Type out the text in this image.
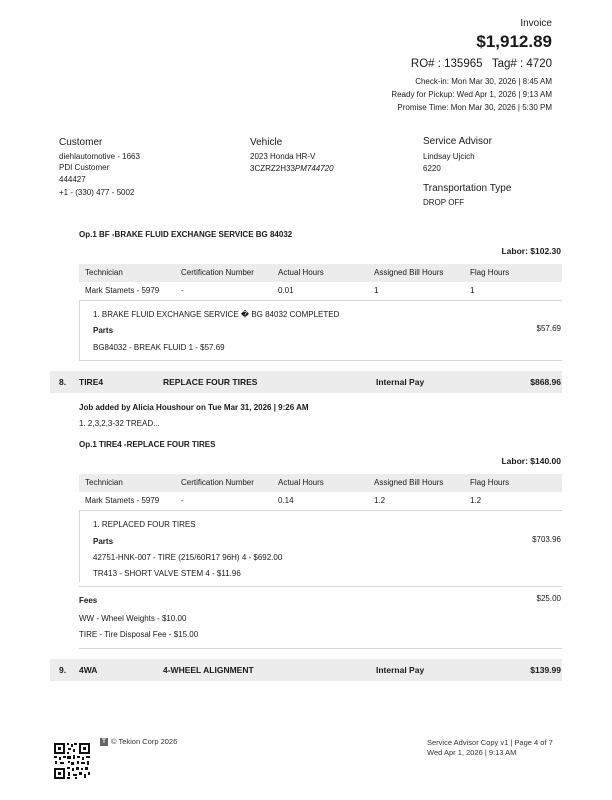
Invoice
$1,912.89
RO# : 135965   Tag# : 4720
Check-in: Mon Mar 30, 2026 | 8:45 AM
Ready for Pickup: Wed Apr 1, 2026 | 9:13 AM
Promise Time: Mon Mar 30, 2026 | 5:30 PM
Customer
diehlautomotive - 1663
PDI Customer
444427
+1 - (330) 477 - 5002
Vehicle
2023 Honda HR-V
3CZRZ2H33PM744720
Service Advisor
Lindsay Ujcich
6220
Transportation Type
DROP OFF
Op.1 BF -BRAKE FLUID EXCHANGE SERVICE BG 84032
Labor: $102.30
Technician	Certification Number	Actual Hours	Assigned Bill Hours	Flag Hours
Mark Stamets - 5979	-	0.01	1	1
1. BRAKE FLUID EXCHANGE SERVICE � BG 84032 COMPLETED
Parts	$57.69
BG84032 - BREAK FLUID 1 - $57.69
8. TIRE4	REPLACE FOUR TIRES	Internal Pay	$868.96
Job added by Alicia Houshour on Tue Mar 31, 2026 | 9:26 AM
1. 2,3,2,3-32 TREAD...
Op.1 TIRE4 -REPLACE FOUR TIRES
Labor: $140.00
Technician	Certification Number	Actual Hours	Assigned Bill Hours	Flag Hours
Mark Stamets - 5979	-	0.14	1.2	1.2
1. REPLACED FOUR TIRES
Parts	$703.96
42751-HNK-007 - TIRE (215/60R17 96H) 4 - $692.00
TR413 - SHORT VALVE STEM 4 - $11.96
Fees	$25.00
WW - Wheel Weights - $10.00
TIRE - Tire Disposal Fee - $15.00
9. 4WA	4-WHEEL ALIGNMENT	Internal Pay	$139.99
T © Tekion Corp 2026	Service Advisor Copy v1 | Page 4 of 7
Wed Apr 1, 2026 | 9:13 AM
